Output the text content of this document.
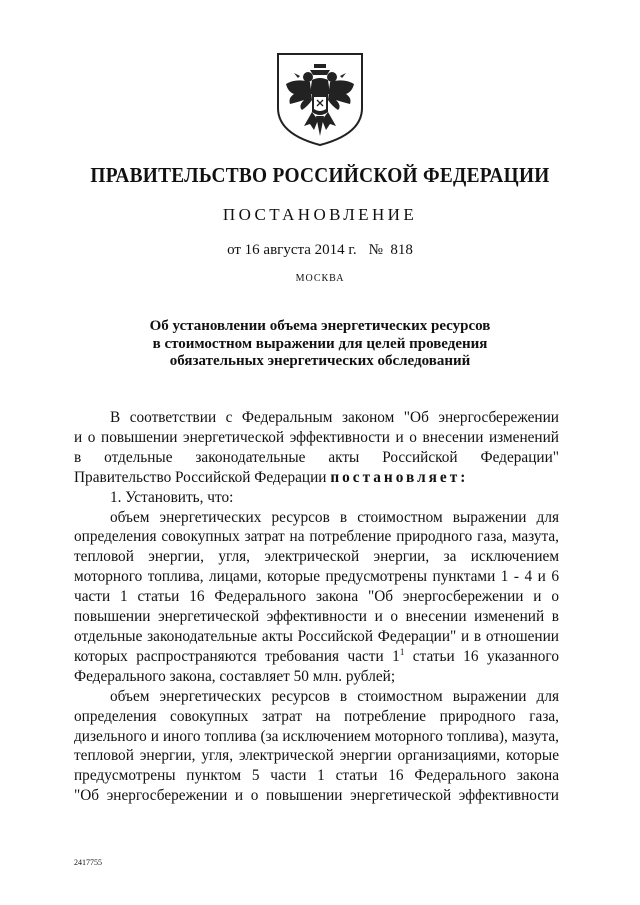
ПРАВИТЕЛЬСТВО РОССИЙСКОЙ ФЕДЕРАЦИИ
ПОСТАНОВЛЕНИЕ
от 16 августа 2014 г. № 818
МОСКВА
Об установлении объема энергетических ресурсов
в стоимостном выражении для целей проведения
обязательных энергетических обследований
В соответствии с Федеральным законом "Об энергосбережении
и о повышении энергетической эффективности и о внесении изменений
в отдельные законодательные акты Российской Федерации"
Правительство Российской Федерации постановляет:
1. Установить, что:
объем энергетических ресурсов в стоимостном выражении для
определения совокупных затрат на потребление природного газа, мазута,
тепловой энергии, угля, электрической энергии, за исключением
моторного топлива, лицами, которые предусмотрены пунктами 1 - 4 и 6
части 1 статьи 16 Федерального закона "Об энергосбережении и о
повышении энергетической эффективности и о внесении изменений в
отдельные законодательные акты Российской Федерации" и в отношении
которых распространяются требования части $1^1$ статьи 16 указанного
Федерального закона, составляет 50 млн. рублей;
объем энергетических ресурсов в стоимостном выражении для
определения совокупных затрат на потребление природного газа,
дизельного и иного топлива (за исключением моторного топлива), мазута,
тепловой энергии, угля, электрической энергии организациями, которые
предусмотрены пунктом 5 части 1 статьи 16 Федерального закона
"Об энергосбережении и о повышении энергетической эффективности
2417755
